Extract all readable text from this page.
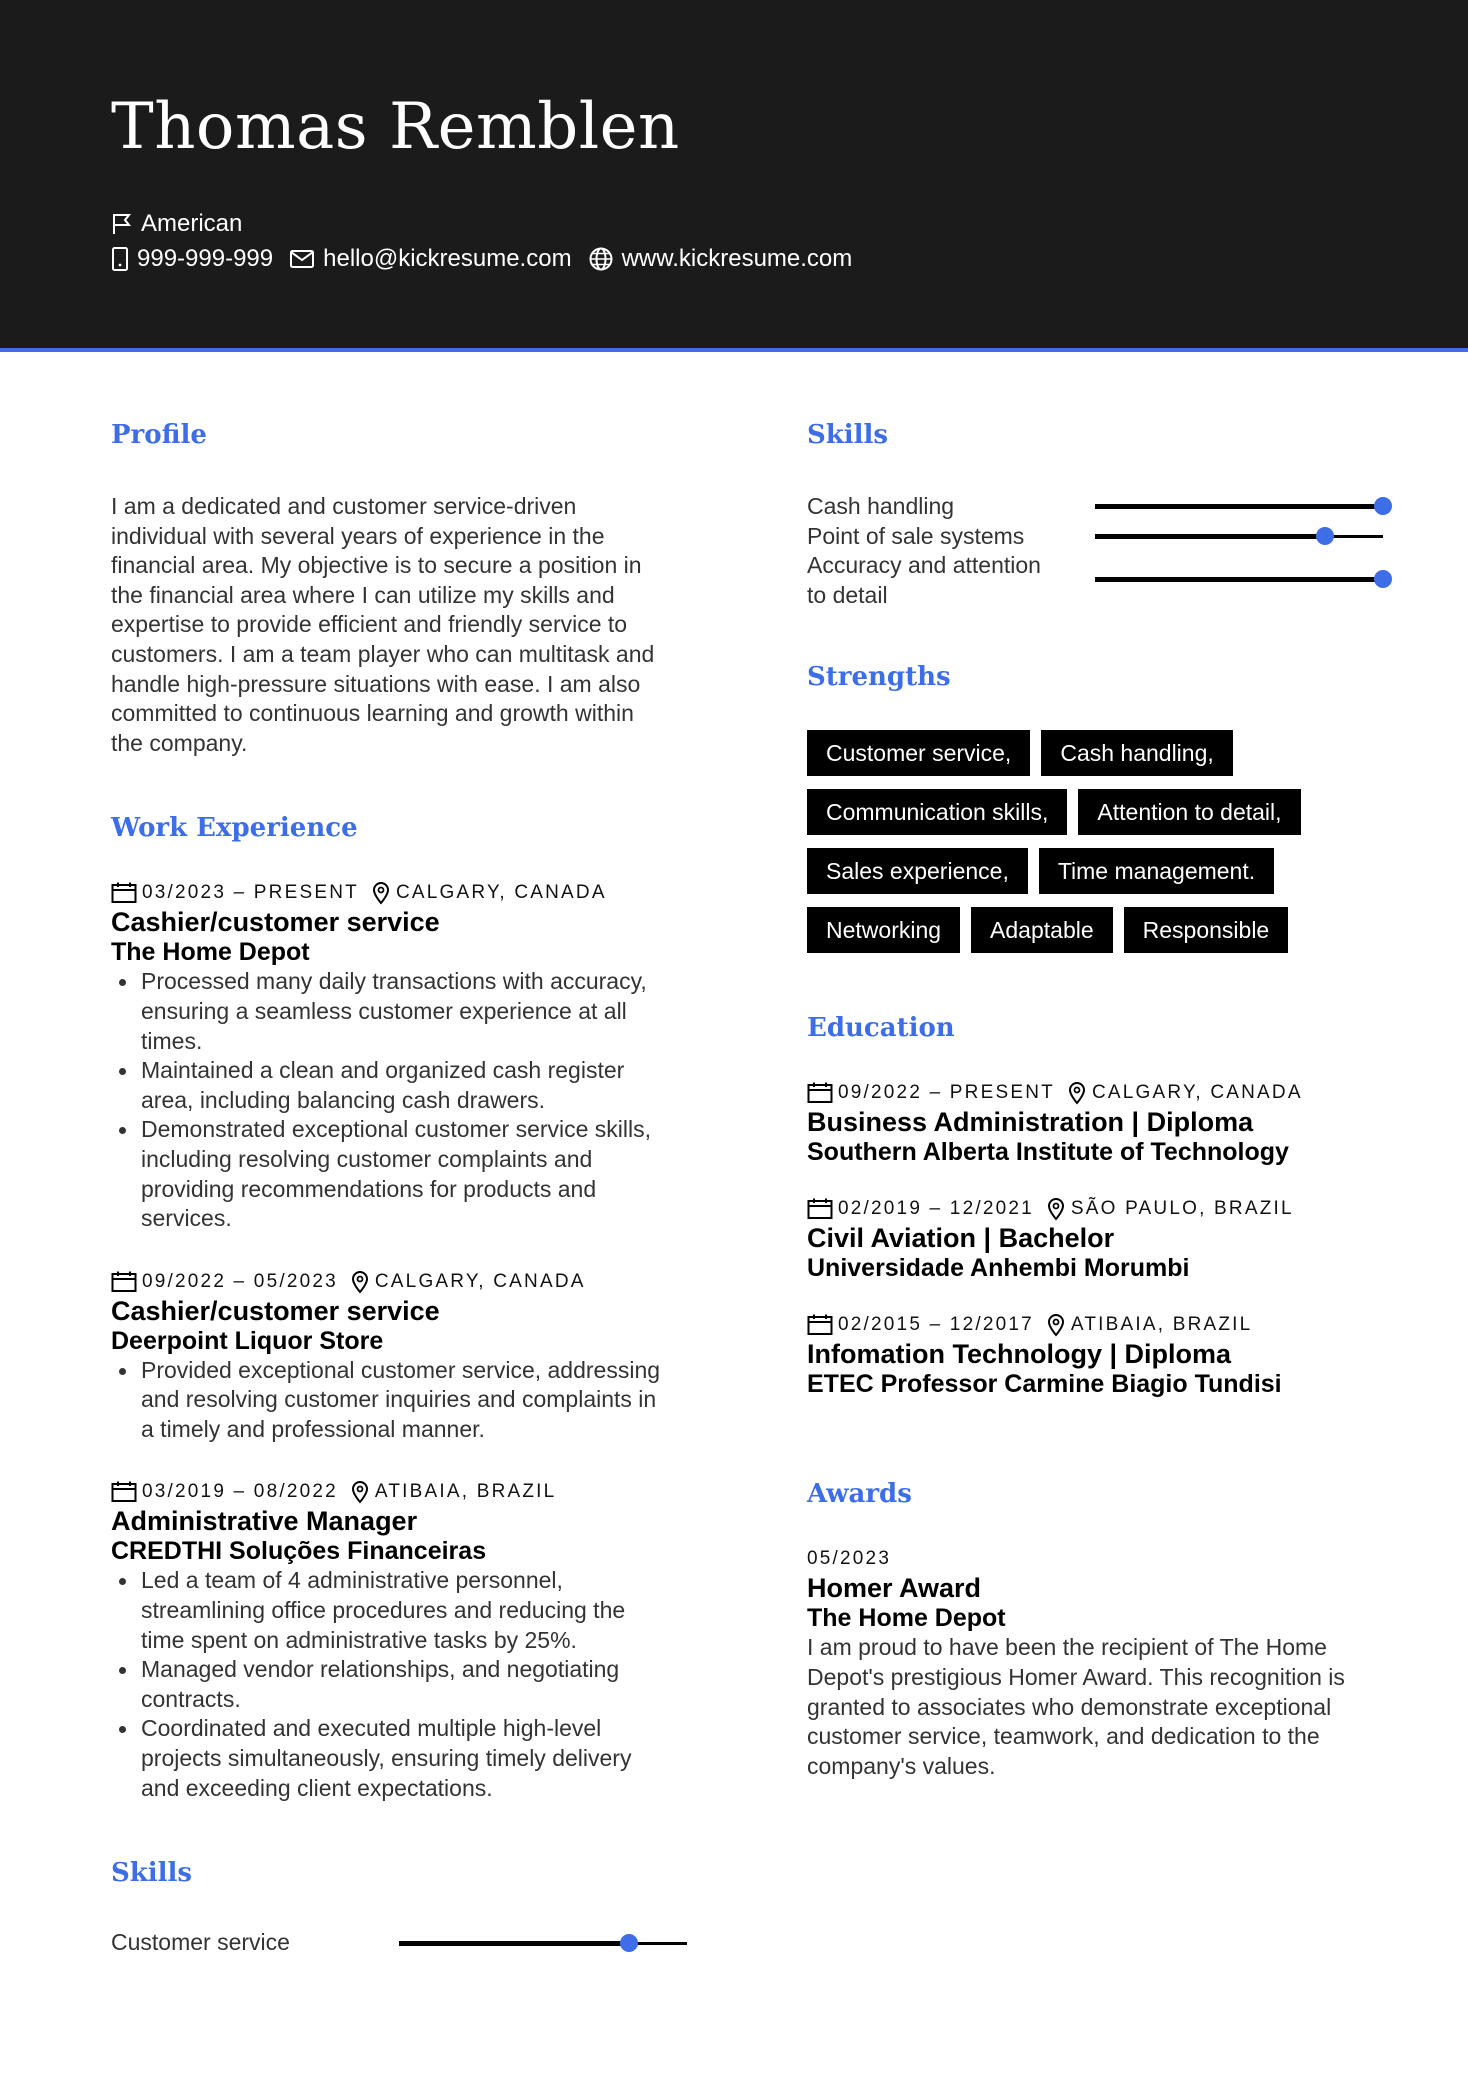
Thomas Remblen
American
999-999-999 hello@kickresume.com www.kickresume.com
Profile

I am a dedicated and customer service-driven
individual with several years of experience in the
financial area. My objective is to secure a position in
the financial area where I can utilize my skills and
expertise to provide efficient and friendly service to
customers. I am a team player who can multitask and
handle high-pressure situations with ease. I am also
committed to continuous learning and growth within
the company.

Work Experience
03/2023 – PRESENT CALGARY, CANADA
Cashier/customer service
The Home Depot
Processed many daily transactions with accuracy,
ensuring a seamless customer experience at all
times.
Maintained a clean and organized cash register
area, including balancing cash drawers.
Demonstrated exceptional customer service skills,
including resolving customer complaints and
providing recommendations for products and
services.
09/2022 – 05/2023 CALGARY, CANADA
Cashier/customer service
Deerpoint Liquor Store
Provided exceptional customer service, addressing
and resolving customer inquiries and complaints in
a timely and professional manner.
03/2019 – 08/2022 ATIBAIA, BRAZIL
Administrative Manager
CREDTHI Soluções Financeiras
Led a team of 4 administrative personnel,
streamlining office procedures and reducing the
time spent on administrative tasks by 25%.
Managed vendor relationships, and negotiating
contracts.
Coordinated and executed multiple high-level
projects simultaneously, ensuring timely delivery
and exceeding client expectations.
Skills
Customer service
Skills
Cash handling
Point of sale systems
Accuracy and attention
to detail
Strengths
Customer service,	Cash handling,
Communication skills,	Attention to detail,
Sales experience,	Time management.
Networking	Adaptable	Responsible
Education
09/2022 – PRESENT CALGARY, CANADA
Business Administration | Diploma
Southern Alberta Institute of Technology
02/2019 – 12/2021 SÃO PAULO, BRAZIL
Civil Aviation | Bachelor
Universidade Anhembi Morumbi
02/2015 – 12/2017 ATIBAIA, BRAZIL
Infomation Technology | Diploma
ETEC Professor Carmine Biagio Tundisi
Awards
05/2023
Homer Award
The Home Depot

I am proud to have been the recipient of The Home
Depot's prestigious Homer Award. This recognition is
granted to associates who demonstrate exceptional
customer service, teamwork, and dedication to the
company's values.
